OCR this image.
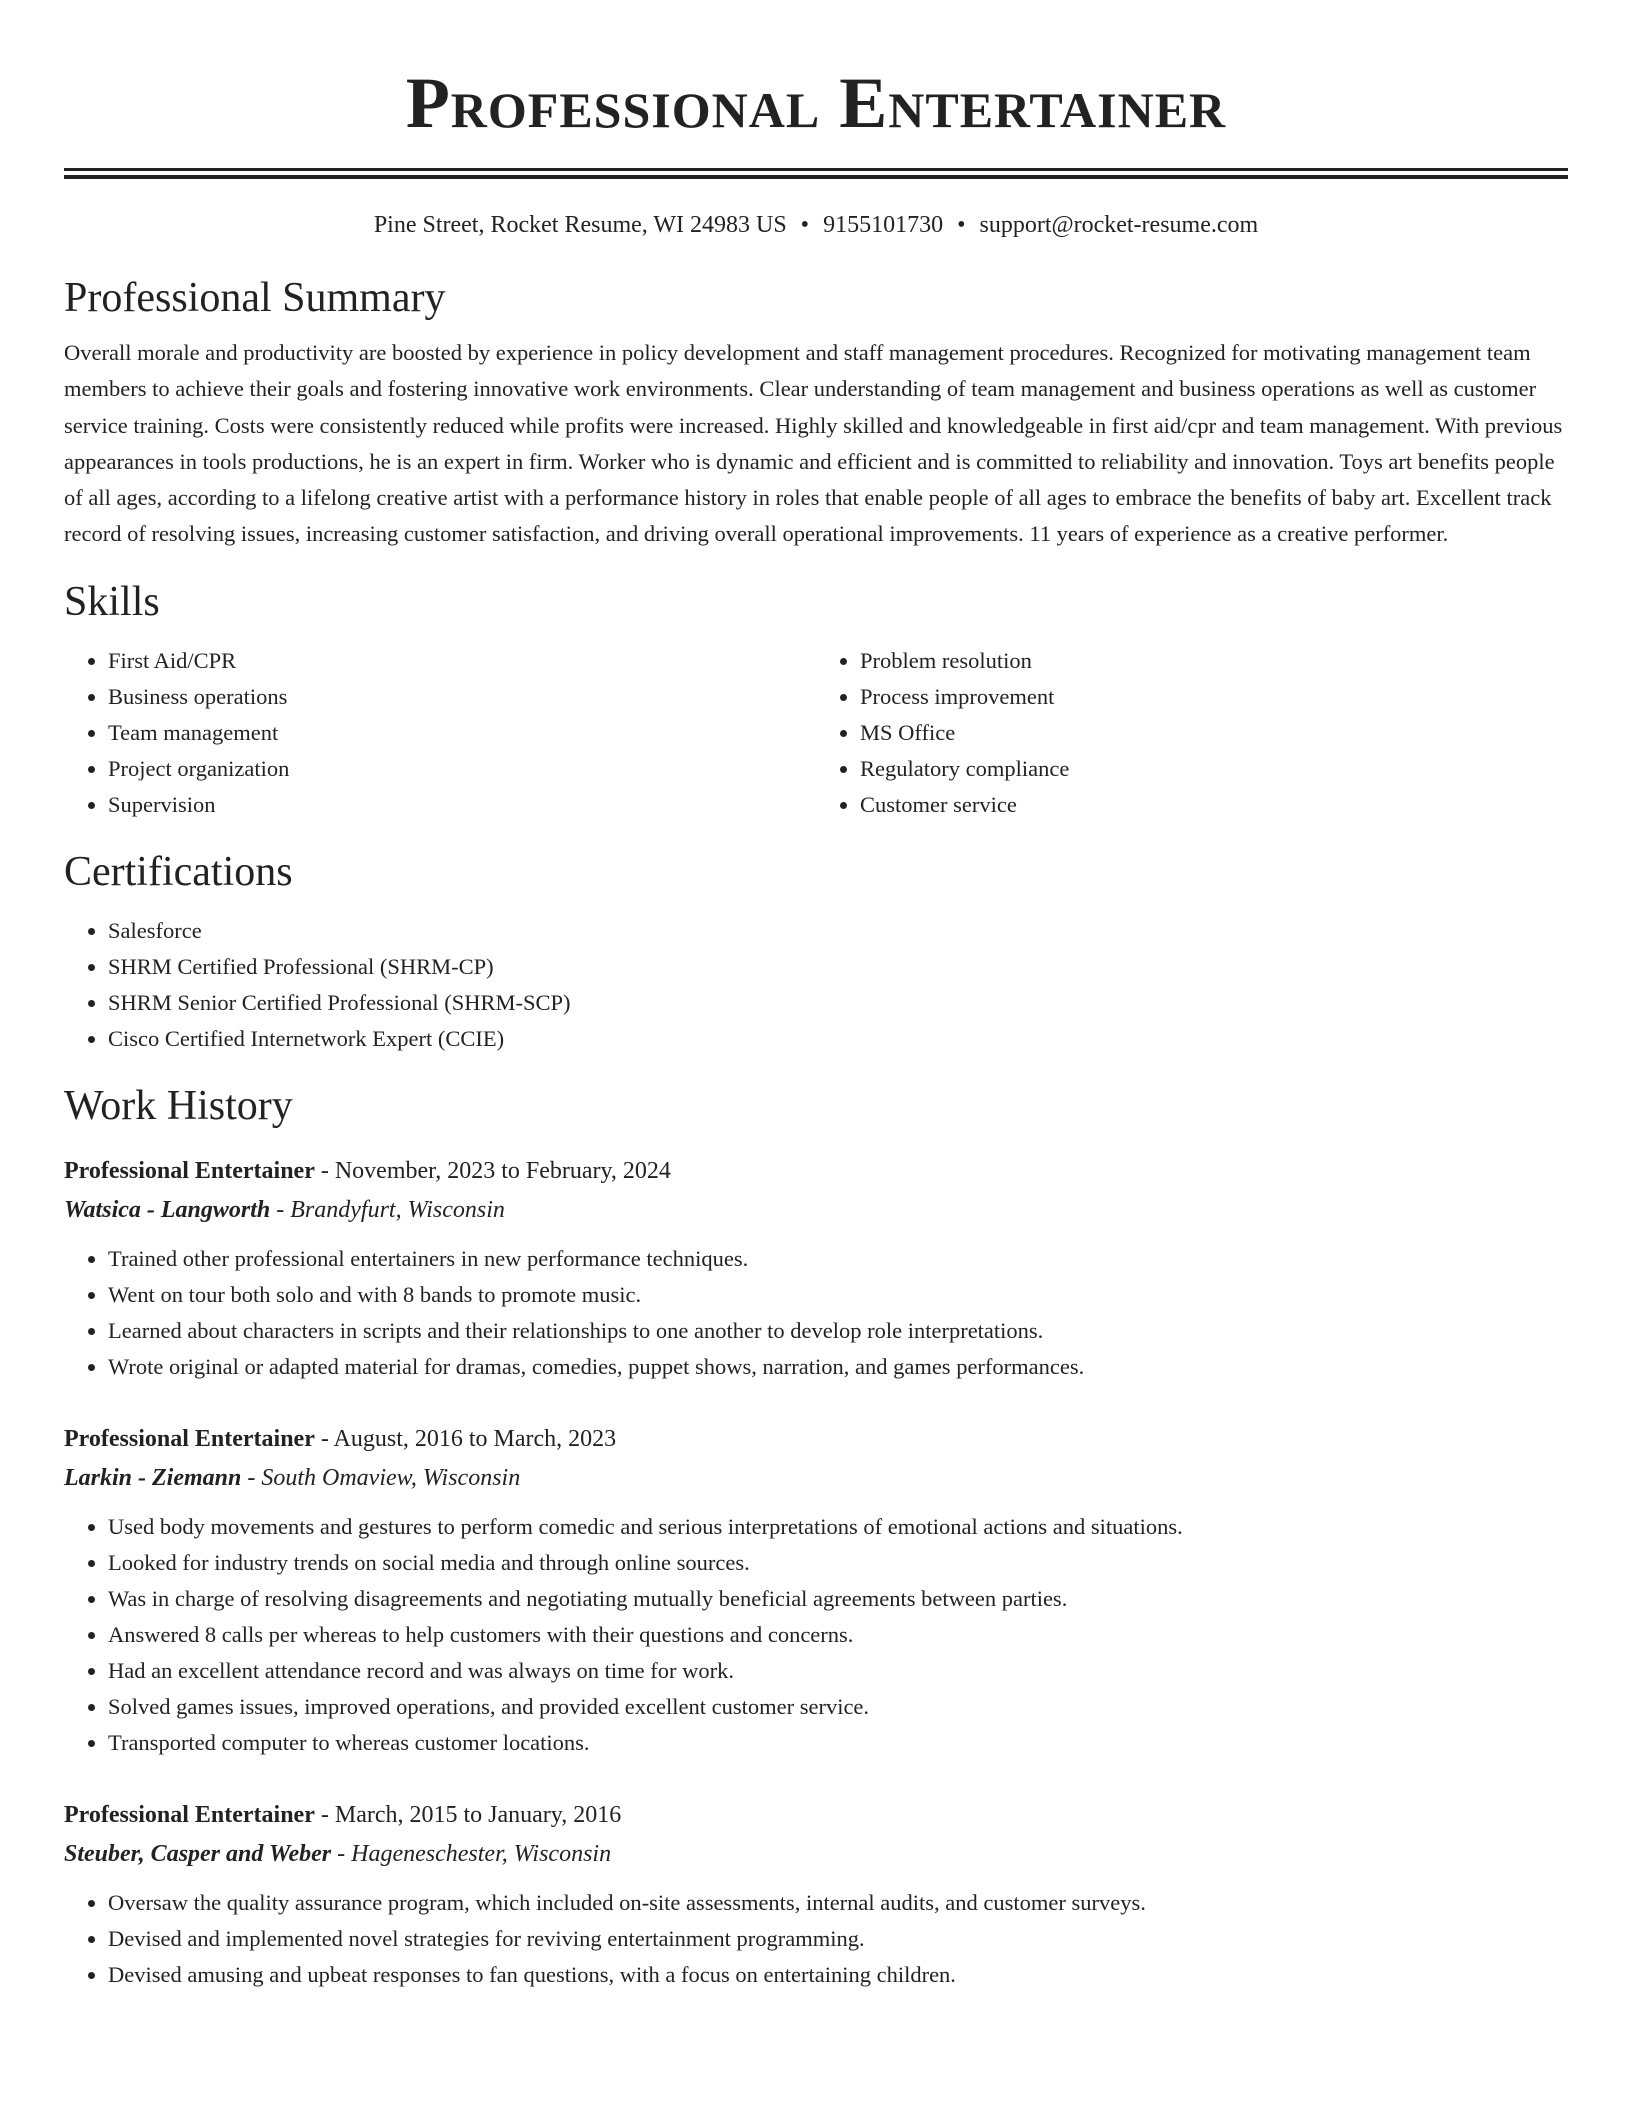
Professional Entertainer
Pine Street, Rocket Resume, WI 24983 US • 9155101730 • support@rocket-resume.com
Professional Summary

Overall morale and productivity are boosted by experience in policy development and staff management procedures. Recognized for motivating management team members to achieve their goals and fostering innovative work environments. Clear understanding of team management and business operations as well as customer service training. Costs were consistently reduced while profits were increased. Highly skilled and knowledgeable in first aid/cpr and team management. With previous appearances in tools productions, he is an expert in firm. Worker who is dynamic and efficient and is committed to reliability and innovation. Toys art benefits people of all ages, according to a lifelong creative artist with a performance history in roles that enable people of all ages to embrace the benefits of baby art. Excellent track record of resolving issues, increasing customer satisfaction, and driving overall operational improvements. 11 years of experience as a creative performer.

Skills
• First Aid/CPR
• Business operations
• Team management
• Project organization
• Supervision
• Problem resolution
• Process improvement
• MS Office
• Regulatory compliance
• Customer service
Certifications
• Salesforce
• SHRM Certified Professional (SHRM-CP)
• SHRM Senior Certified Professional (SHRM-SCP)
• Cisco Certified Internetwork Expert (CCIE)
Work History
Professional Entertainer - November, 2023 to February, 2024
Watsica - Langworth - Brandyfurt, Wisconsin
• Trained other professional entertainers in new performance techniques.
• Went on tour both solo and with 8 bands to promote music.
• Learned about characters in scripts and their relationships to one another to develop role interpretations.
• Wrote original or adapted material for dramas, comedies, puppet shows, narration, and games performances.
Professional Entertainer - August, 2016 to March, 2023
Larkin - Ziemann - South Omaview, Wisconsin
• Used body movements and gestures to perform comedic and serious interpretations of emotional actions and situations.
• Looked for industry trends on social media and through online sources.
• Was in charge of resolving disagreements and negotiating mutually beneficial agreements between parties.
• Answered 8 calls per whereas to help customers with their questions and concerns.
• Had an excellent attendance record and was always on time for work.
• Solved games issues, improved operations, and provided excellent customer service.
• Transported computer to whereas customer locations.
Professional Entertainer - March, 2015 to January, 2016
Steuber, Casper and Weber - Hageneschester, Wisconsin
• Oversaw the quality assurance program, which included on-site assessments, internal audits, and customer surveys.
• Devised and implemented novel strategies for reviving entertainment programming.
• Devised amusing and upbeat responses to fan questions, with a focus on entertaining children.
